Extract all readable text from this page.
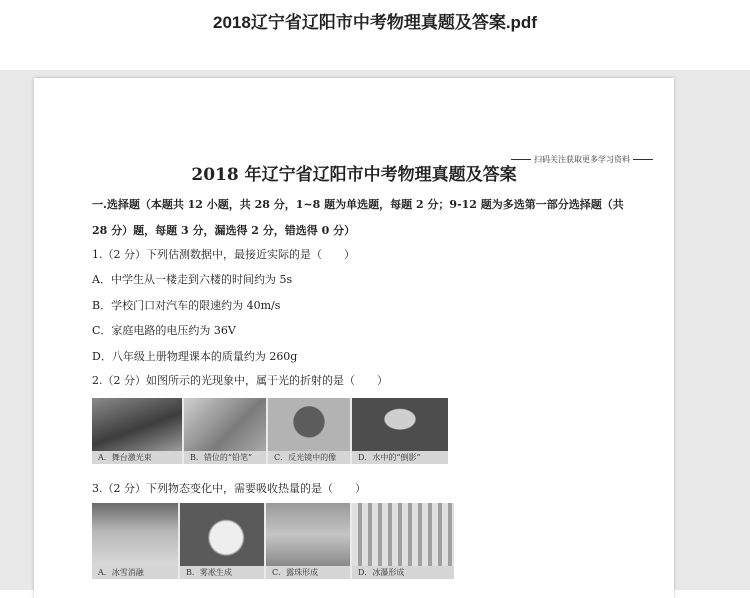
2018辽宁省辽阳市中考物理真题及答案.pdf
扫码关注获取更多学习资料
2018 年辽宁省辽阳市中考物理真题及答案
一.选择题（本题共 12 小题，共 28 分，1~8 题为单选题，每题 2 分；9-12 题为多选第一部分选择题（共
28 分）题，每题 3 分，漏选得 2 分，错选得 0 分）
1.（2 分）下列估测数据中，最接近实际的是（　　）
A．中学生从一楼走到六楼的时间约为 5s
B．学校门口对汽车的限速约为 40m/s
C．家庭电路的电压约为 36V
D．八年级上册物理课本的质量约为 260g
2.（2 分）如图所示的光现象中，属于光的折射的是（　　）
A．舞台激光束	B．错位的“铅笔”	C．反光镜中的像	D．水中的“倒影”
3.（2 分）下列物态变化中，需要吸收热量的是（　　）
A．冰雪消融	B．雾凇生成	C．露珠形成	D．冰瀑形成
